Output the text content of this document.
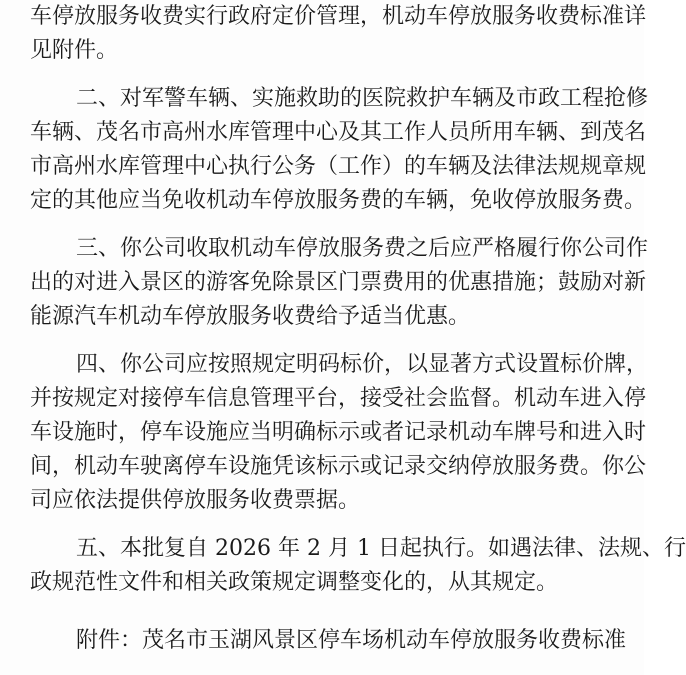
车停放服务收费实行政府定价管理，机动车停放服务收费标准详
见附件。
二、对军警车辆、实施救助的医院救护车辆及市政工程抢修
车辆、茂名市高州水库管理中心及其工作人员所用车辆、到茂名
市高州水库管理中心执行公务（工作）的车辆及法律法规规章规
定的其他应当免收机动车停放服务费的车辆，免收停放服务费。
三、你公司收取机动车停放服务费之后应严格履行你公司作
出的对进入景区的游客免除景区门票费用的优惠措施；鼓励对新
能源汽车机动车停放服务收费给予适当优惠。
四、你公司应按照规定明码标价，以显著方式设置标价牌，
并按规定对接停车信息管理平台，接受社会监督。机动车进入停
车设施时，停车设施应当明确标示或者记录机动车牌号和进入时
间，机动车驶离停车设施凭该标示或记录交纳停放服务费。你公
司应依法提供停放服务收费票据。
五、本批复自 2026 年 2 月 1 日起执行。如遇法律、法规、行
政规范性文件和相关政策规定调整变化的，从其规定。
附件：茂名市玉湖风景区停车场机动车停放服务收费标准
